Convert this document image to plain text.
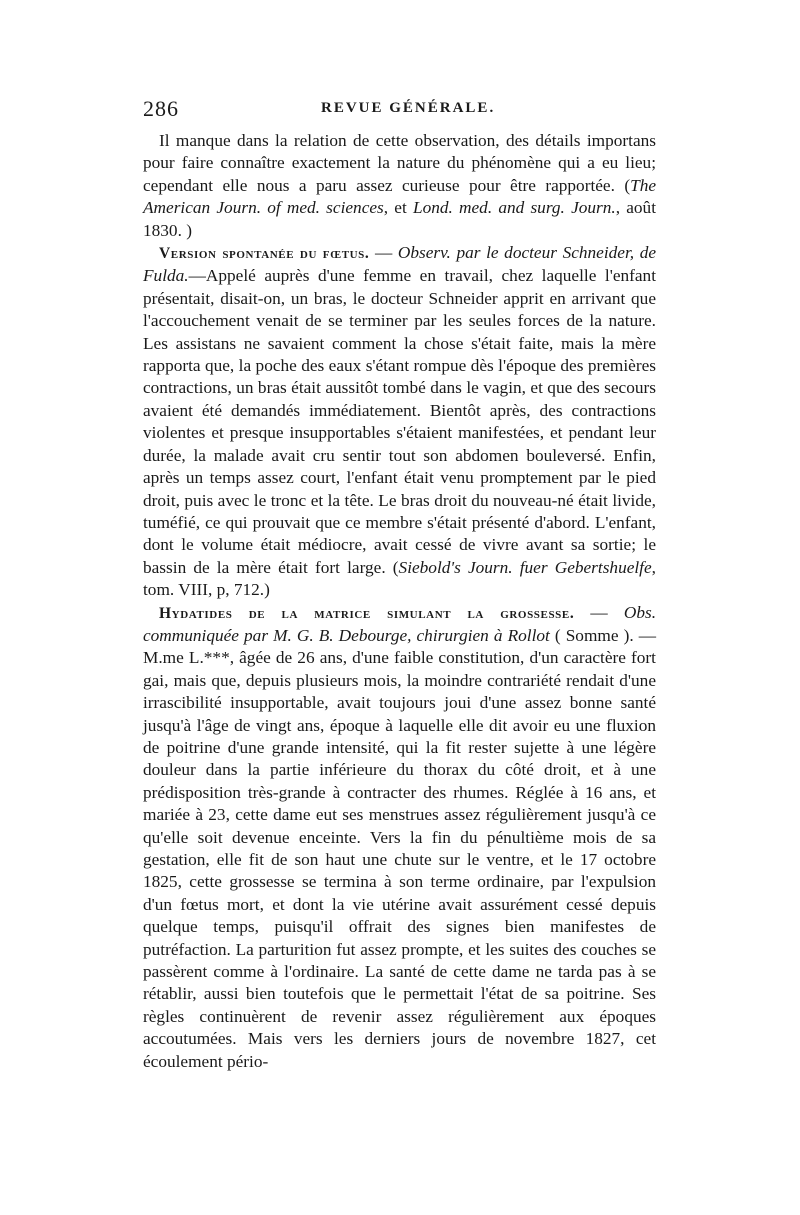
286	REVUE GÉNÉRALE.

Il manque dans la relation de cette observation, des détails importans pour faire connaître exactement la nature du phénomène qui a eu lieu; cependant elle nous a paru assez curieuse pour être rapportée. (The American Journ. of med. sciences, et Lond. med. and surg. Journ., août 1830. )

Version spontanée du fœtus. — Observ. par le docteur Schneider, de Fulda.—Appelé auprès d'une femme en travail, chez laquelle l'enfant présentait, disait-on, un bras, le docteur Schneider apprit en arrivant que l'accouchement venait de se terminer par les seules forces de la nature. Les assistans ne savaient comment la chose s'était faite, mais la mère rapporta que, la poche des eaux s'étant rompue dès l'époque des premières contractions, un bras était aussitôt tombé dans le vagin, et que des secours avaient été demandés immédiatement. Bientôt après, des contractions violentes et presque insupportables s'étaient manifestées, et pendant leur durée, la malade avait cru sentir tout son abdomen bouleversé. Enfin, après un temps assez court, l'enfant était venu promptement par le pied droit, puis avec le tronc et la tête. Le bras droit du nouveau-né était livide, tuméfié, ce qui prouvait que ce membre s'était présenté d'abord. L'enfant, dont le volume était médiocre, avait cessé de vivre avant sa sortie; le bassin de la mère était fort large. (Siebold's Journ. fuer Gebertshuelfe, tom. VIII, p, 712.)

Hydatides de la matrice simulant la grossesse. — Obs. communiquée par M. G. B. Debourge, chirurgien à Rollot ( Somme ). — M.me L.***, âgée de 26 ans, d'une faible constitution, d'un caractère fort gai, mais que, depuis plusieurs mois, la moindre contrariété rendait d'une irrascibilité insupportable, avait toujours joui d'une assez bonne santé jusqu'à l'âge de vingt ans, époque à laquelle elle dit avoir eu une fluxion de poitrine d'une grande intensité, qui la fit rester sujette à une légère douleur dans la partie inférieure du thorax du côté droit, et à une prédisposition très-grande à contracter des rhumes. Réglée à 16 ans, et mariée à 23, cette dame eut ses menstrues assez régulièrement jusqu'à ce qu'elle soit devenue enceinte. Vers la fin du pénultième mois de sa gestation, elle fit de son haut une chute sur le ventre, et le 17 octobre 1825, cette grossesse se termina à son terme ordinaire, par l'expulsion d'un fœtus mort, et dont la vie utérine avait assurément cessé depuis quelque temps, puisqu'il offrait des signes bien manifestes de putréfaction. La parturition fut assez prompte, et les suites des couches se passèrent comme à l'ordinaire. La santé de cette dame ne tarda pas à se rétablir, aussi bien toutefois que le permettait l'état de sa poitrine. Ses règles continuèrent de revenir assez régulièrement aux époques accoutumées. Mais vers les derniers jours de novembre 1827, cet écoulement pério-
